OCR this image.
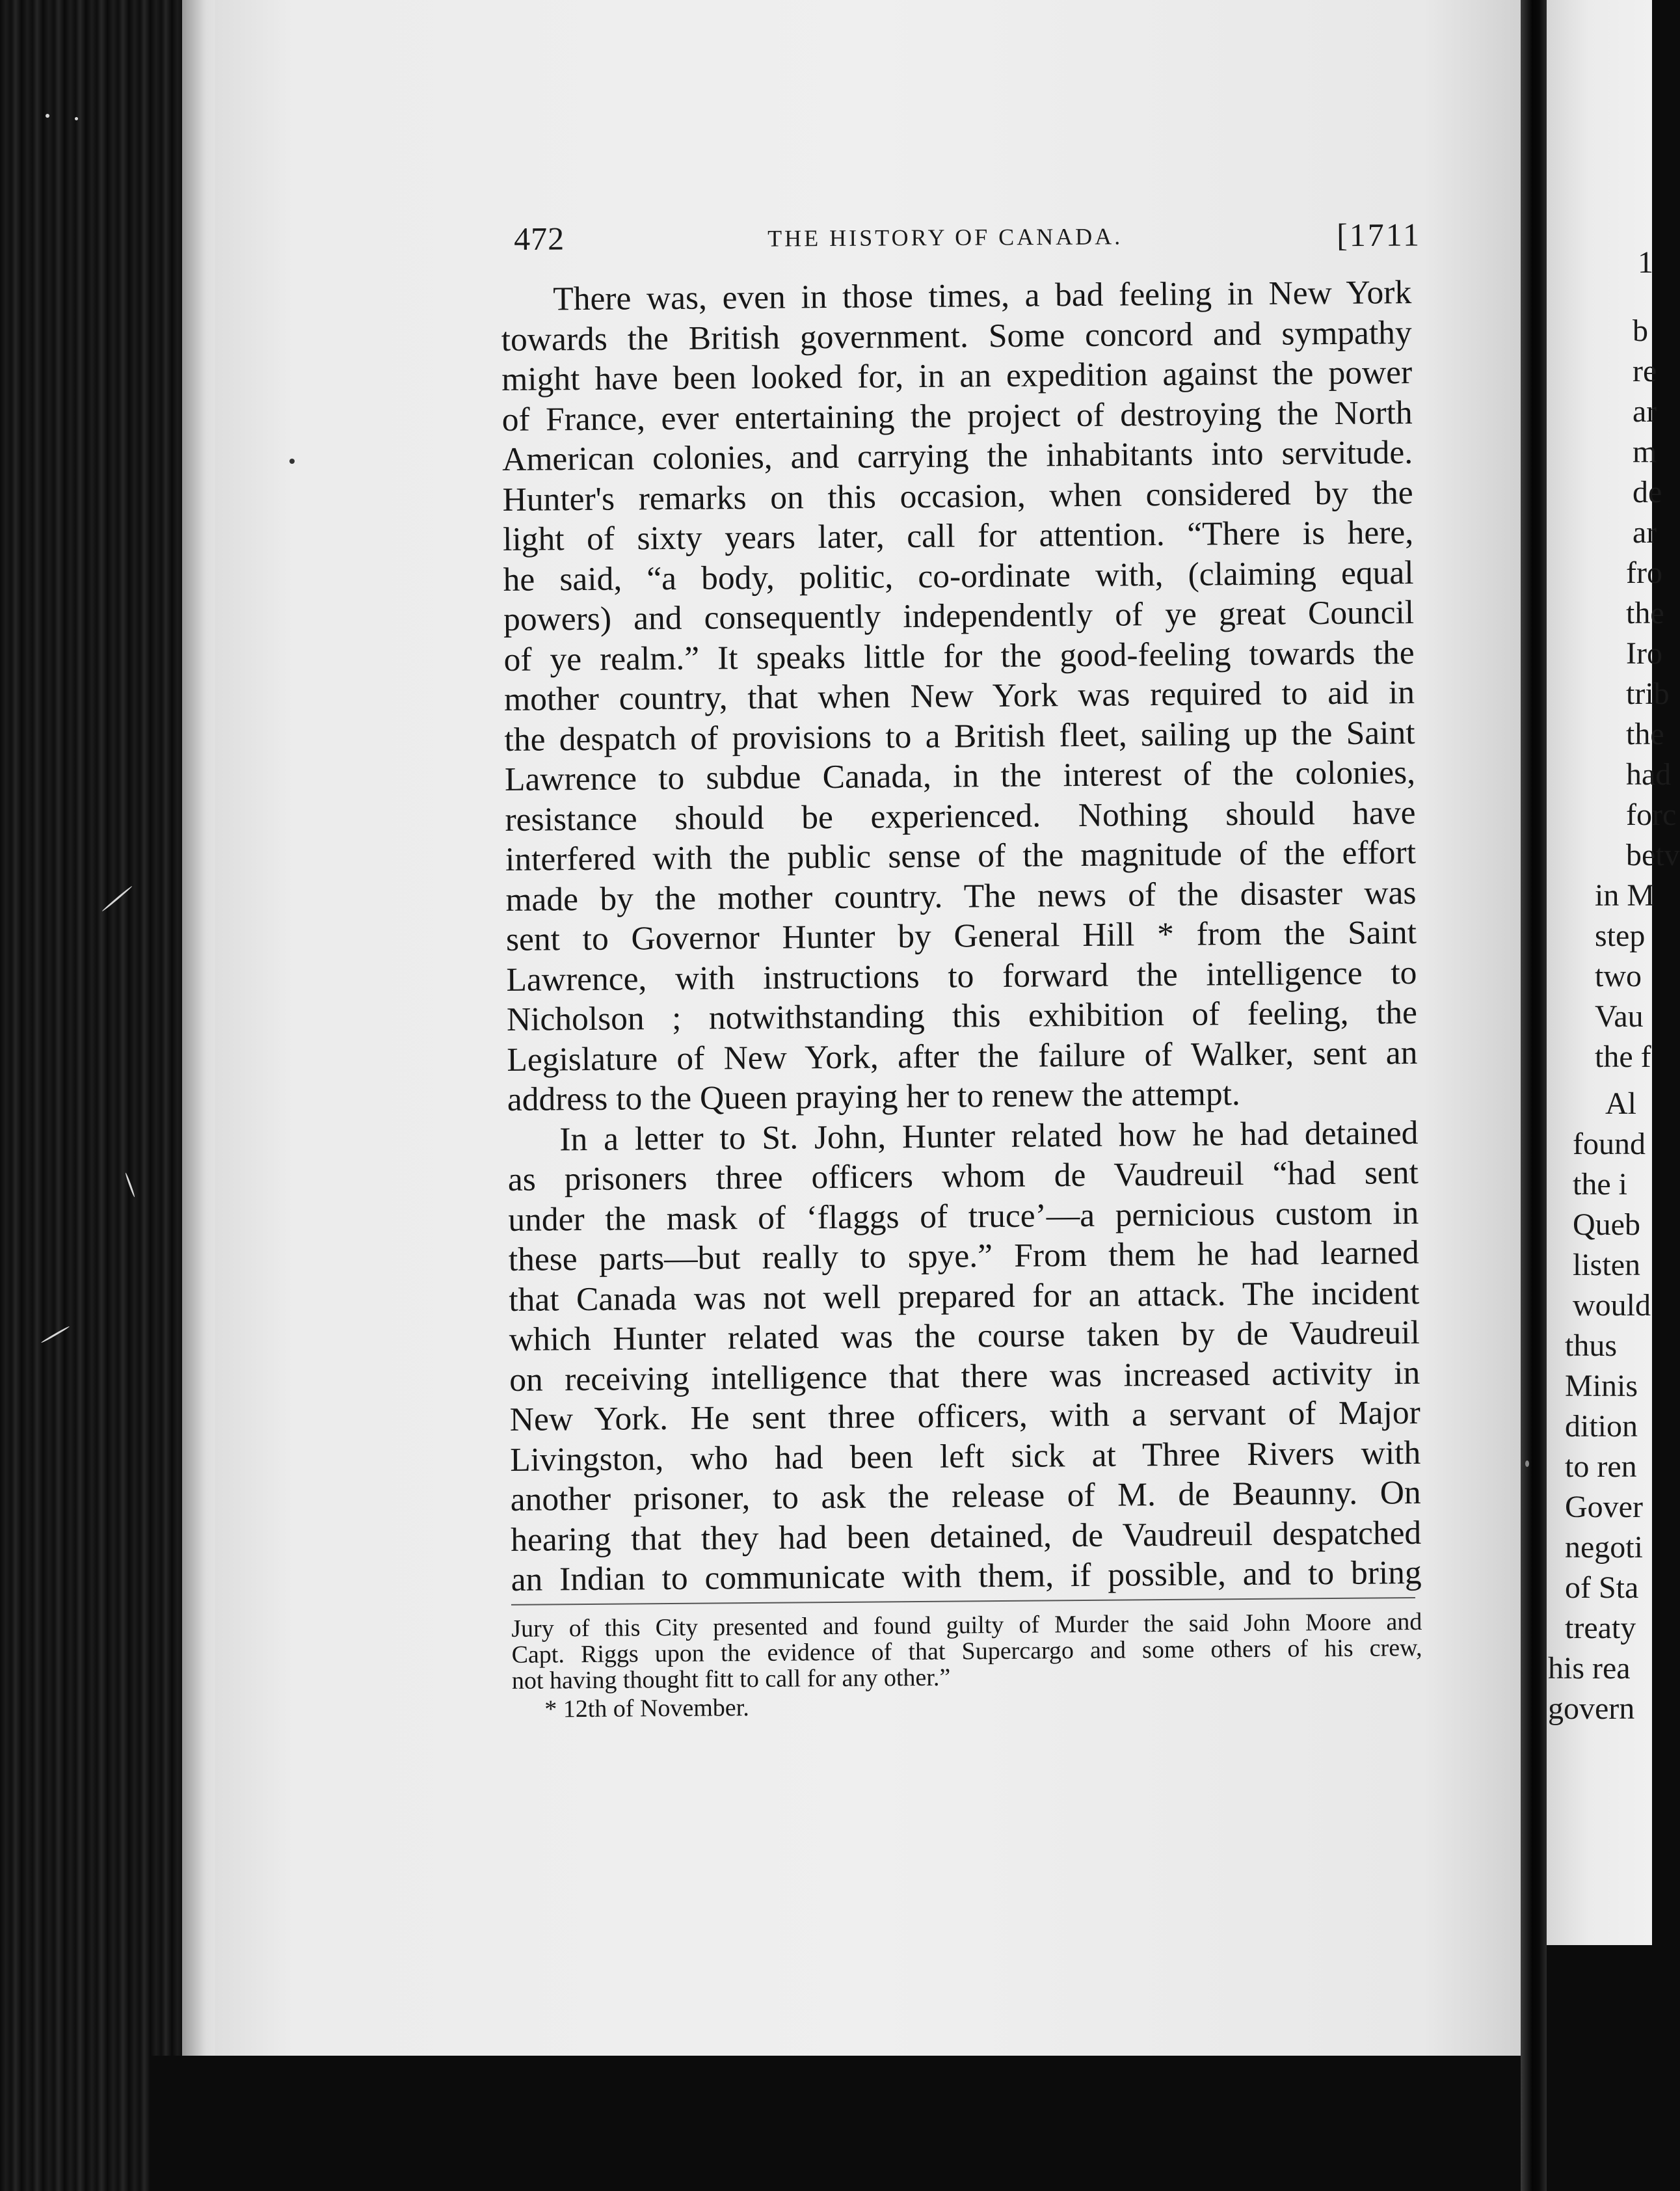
1
b
re
ar
m
de
ar
fro
the
Iro
trib
the
had
forc
betv
in M
step
two
Vau
the f
Al
found
the i
Queb
listen
would
thus
Minis
dition
to ren
Gover
negoti
of Sta
treaty
his rea
govern
472	THE HISTORY OF CANADA.	[1711
There was, even in those times, a bad feeling in New York
towards the British government. Some concord and sympathy
might have been looked for, in an expedition against the power
of France, ever entertaining the project of destroying the North
American colonies, and carrying the inhabitants into servitude.
Hunter's remarks on this occasion, when considered by the
light of sixty years later, call for attention. “There is here,
he said, “a body, politic, co-ordinate with, (claiming equal
powers) and consequently independently of ye great Council
of ye realm.” It speaks little for the good-feeling towards the
mother country, that when New York was required to aid in
the despatch of provisions to a British fleet, sailing up the Saint
Lawrence to subdue Canada, in the interest of the colonies,
resistance should be experienced. Nothing should have
interfered with the public sense of the magnitude of the effort
made by the mother country. The news of the disaster was
sent to Governor Hunter by General Hill * from the Saint
Lawrence, with instructions to forward the intelligence to
Nicholson ; notwithstanding this exhibition of feeling, the
Legislature of New York, after the failure of Walker, sent an
address to the Queen praying her to renew the attempt.
In a letter to St. John, Hunter related how he had detained
as prisoners three officers whom de Vaudreuil “had sent
under the mask of ‘flaggs of truce’—a pernicious custom in
these parts—but really to spye.” From them he had learned
that Canada was not well prepared for an attack. The incident
which Hunter related was the course taken by de Vaudreuil
on receiving intelligence that there was increased activity in
New York. He sent three officers, with a servant of Major
Livingston, who had been left sick at Three Rivers with
another prisoner, to ask the release of M. de Beaunny. On
hearing that they had been detained, de Vaudreuil despatched
an Indian to communicate with them, if possible, and to bring
Jury of this City presented and found guilty of Murder the said John Moore and
Capt. Riggs upon the evidence of that Supercargo and some others of his crew,
not having thought fitt to call for any other.”
* 12th of November.
